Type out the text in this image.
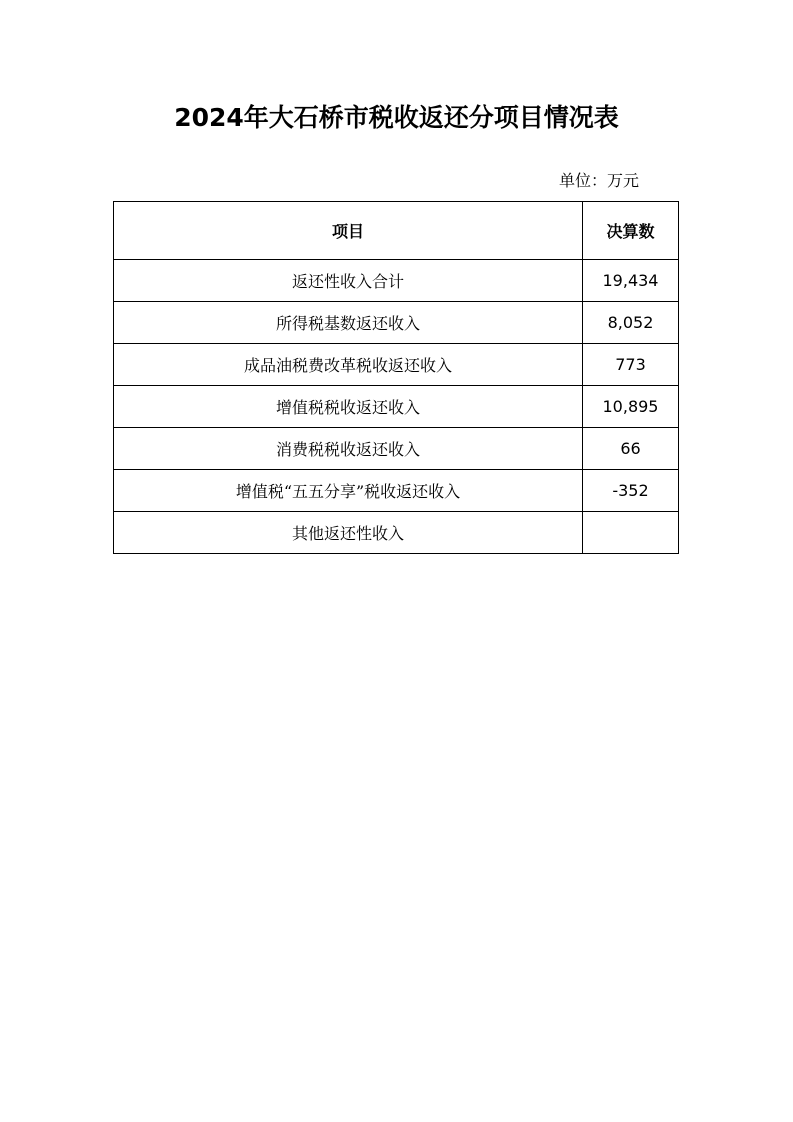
2024年大石桥市税收返还分项目情况表
单位：万元
项目	决算数
返还性收入合计	19,434
所得税基数返还收入	8,052
成品油税费改革税收返还收入	773
增值税税收返还收入	10,895
消费税税收返还收入	66
增值税“五五分享”税收返还收入	-352
其他返还性收入	
